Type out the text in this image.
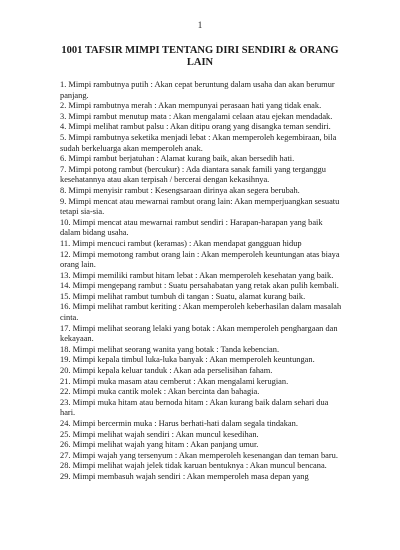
1
1001 TAFSIR MIMPI TENTANG DIRI SENDIRI & ORANG LAIN
1. Mimpi rambutnya putih : Akan cepat beruntung dalam usaha dan akan berumur panjang.
2. Mimpi rambutnya merah : Akan mempunyai perasaan hati yang tidak enak.
3. Mimpi rambut menutup mata : Akan mengalami celaan atau ejekan mendadak.
4. Mimpi melihat rambut palsu : Akan ditipu orang yang disangka teman sendiri.
5. Mimpi rambutnya seketika menjadi lebat : Akan memperoleh kegembiraan, bila sudah berkeluarga akan memperoleh anak.
6. Mimpi rambut berjatuhan : Alamat kurang baik, akan bersedih hati.
7. Mimpi potong rambut (bercukur) : Ada diantara sanak famili yang terganggu kesehatannya atau akan terpisah / bercerai dengan kekasihnya.
8. Mimpi menyisir rambut : Kesengsaraan dirinya akan segera berubah.
9. Mimpi mencat atau mewarnai rambut orang lain: Akan memperjuangkan sesuatu tetapi sia-sia.
10. Mimpi mencat atau mewarnai rambut sendiri : Harapan-harapan yang baik dalam bidang usaha.
11. Mimpi mencuci rambut (keramas) : Akan mendapat gangguan hidup
12. Mimpi memotong rambut orang lain : Akan memperoleh keuntungan atas biaya orang lain.
13. Mimpi memiliki rambut hitam lebat : Akan memperoleh kesehatan yang baik.
14. Mimpi mengepang rambut : Suatu persahabatan yang retak akan pulih kembali.
15. Mimpi melihat rambut tumbuh di tangan : Suatu, alamat kurang baik.
16. Mimpi melihat rambut keriting : Akan memperoleh keberhasilan dalam masalah cinta.
17. Mimpi melihat seorang lelaki yang botak : Akan memperoleh penghargaan dan kekayaan.
18. Mimpi melihat seorang wanita yang botak : Tanda kebencian.
19. Mimpi kepala timbul luka-luka banyak : Akan memperoleh keuntungan.
20. Mimpi kepala keluar tanduk : Akan ada perselisihan faham.
21. Mimpi muka masam atau cemberut : Akan mengalami kerugian.
22. Mimpi muka cantik molek : Akan bercinta dan bahagia.
23. Mimpi muka hitam atau bernoda hitam : Akan kurang baik dalam sehari dua hari.
24. Mimpi bercermin muka : Harus berhati-hati dalam segala tindakan.
25. Mimpi melihat wajah sendiri : Akan muncul kesedihan.
26. Mimpi melihat wajah yang hitam : Akan panjang umur.
27. Mimpi wajah yang tersenyum : Akan memperoleh kesenangan dan teman baru.
28. Mimpi melihat wajah jelek tidak karuan bentuknya : Akan muncul bencana.
29. Mimpi membasuh wajah sendiri : Akan memperoleh masa depan yang
